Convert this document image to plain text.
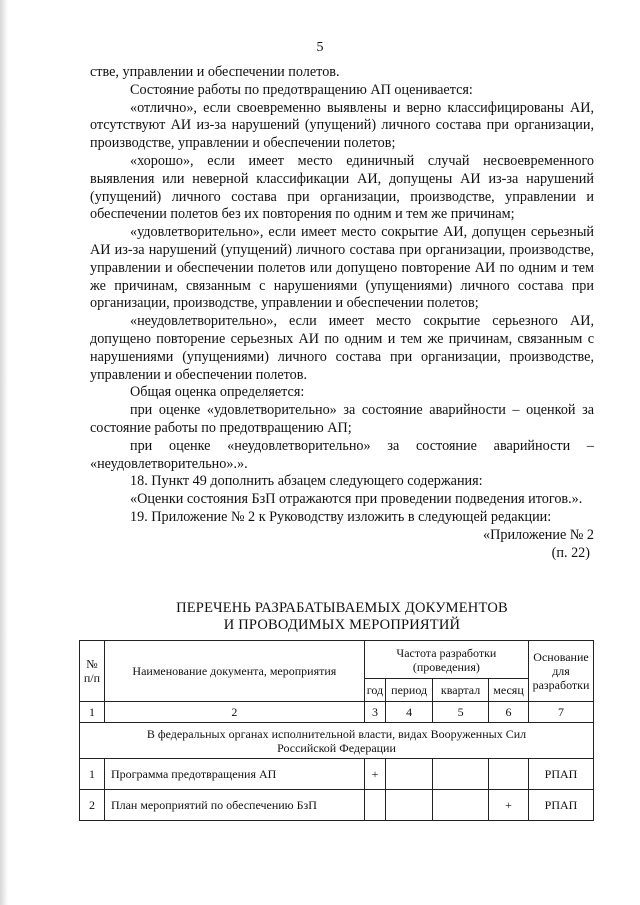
5

стве, управлении и обеспечении полетов.

Состояние работы по предотвращению АП оценивается:

«отлично», если своевременно выявлены и верно классифицированы АИ, отсутствуют АИ из-за нарушений (упущений) личного состава при организации, производстве, управлении и обеспечении полетов;

«хорошо», если имеет место единичный случай несвоевременного выявления или неверной классификации АИ, допущены АИ из-за нарушений (упущений) личного состава при организации, производстве, управлении и обеспечении полетов без их повторения по одним и тем же причинам;

«удовлетворительно», если имеет место сокрытие АИ, допущен серьезный АИ из-за нарушений (упущений) личного состава при организации, производстве, управлении и обеспечении полетов или допущено повторение АИ по одним и тем же причинам, связанным с нарушениями (упущениями) личного состава при организации, производстве, управлении и обеспечении полетов;

«неудовлетворительно», если имеет место сокрытие серьезного АИ, допущено повторение серьезных АИ по одним и тем же причинам, связанным с нарушениями (упущениями) личного состава при организации, производстве, управлении и обеспечении полетов.

Общая оценка определяется:

при оценке «удовлетворительно» за состояние аварийности – оценкой за состояние работы по предотвращению АП;

при оценке «неудовлетворительно» за состояние аварийности – «неудовлетворительно».».

18. Пункт 49 дополнить абзацем следующего содержания:

«Оценки состояния БзП отражаются при проведении подведения итогов.».

19. Приложение № 2 к Руководству изложить в следующей редакции:

«Приложение № 2

(п. 22)

ПЕРЕЧЕНЬ РАЗРАБАТЫВАЕМЫХ ДОКУМЕНТОВ
И ПРОВОДИМЫХ МЕРОПРИЯТИЙ
№ п/п	Наименование документа, мероприятия	Частота разработки (проведения)				Основание для разработки
		год	период	квартал	месяц	
1	2	3	4	5	6	7
В федеральных органах исполнительной власти, видах Вооруженных Сил Российской Федерации						
1	Программа предотвращения АП	+				РПАП
2	План мероприятий по обеспечению БзП				+	РПАП
